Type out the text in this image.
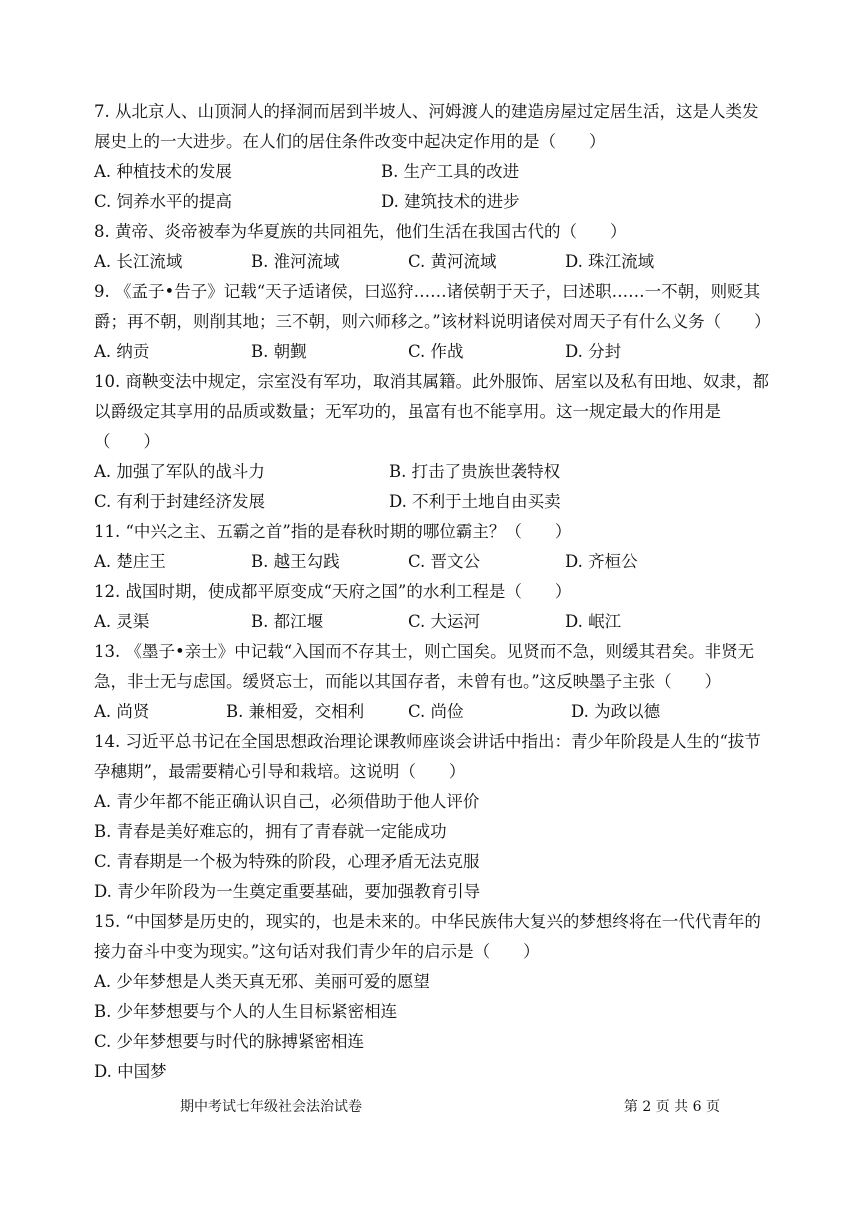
7. 从北京人、山顶洞人的择洞而居到半坡人、河姆渡人的建造房屋过定居生活，这是人类发展史上的一大进步。在人们的居住条件改变中起决定作用的是（　　）

A. 种植技术的发展	B. 生产工具的改进
C. 饲养水平的提高	D. 建筑技术的进步

8. 黄帝、炎帝被奉为华夏族的共同祖先，他们生活在我国古代的（　　）

A. 长江流域	B. 淮河流域	C. 黄河流域	D. 珠江流域

9. 《孟子•告子》记载“天子适诸侯，曰巡狩……诸侯朝于天子，曰述职……一不朝，则贬其爵；再不朝，则削其地；三不朝，则六师移之。”该材料说明诸侯对周天子有什么义务（　　）

A. 纳贡	B. 朝觐	C. 作战	D. 分封

10. 商鞅变法中规定，宗室没有军功，取消其属籍。此外服饰、居室以及私有田地、奴隶，都以爵级定其享用的品质或数量；无军功的，虽富有也不能享用。这一规定最大的作用是（　　）

A. 加强了军队的战斗力	B. 打击了贵族世袭特权
C. 有利于封建经济发展	D. 不利于土地自由买卖

11. “中兴之主、五霸之首”指的是春秋时期的哪位霸主？（　　）

A. 楚庄王	B. 越王勾践	C. 晋文公	D. 齐桓公

12. 战国时期，使成都平原变成“天府之国”的水利工程是（　　）

A. 灵渠	B. 都江堰	C. 大运河	D. 岷江

13. 《墨子•亲士》中记载“入国而不存其士，则亡国矣。见贤而不急，则缓其君矣。非贤无急，非士无与虑国。缓贤忘士，而能以其国存者，未曾有也。”这反映墨子主张（　　）

A. 尚贤	B. 兼相爱，交相利	C. 尚俭	D. 为政以德

14. 习近平总书记在全国思想政治理论课教师座谈会讲话中指出：青少年阶段是人生的“拔节孕穗期”，最需要精心引导和栽培。这说明（　　）

A. 青少年都不能正确认识自己，必须借助于他人评价
B. 青春是美好难忘的，拥有了青春就一定能成功
C. 青春期是一个极为特殊的阶段，心理矛盾无法克服
D. 青少年阶段为一生奠定重要基础，要加强教育引导

15. “中国梦是历史的，现实的，也是未来的。中华民族伟大复兴的梦想终将在一代代青年的接力奋斗中变为现实。”这句话对我们青少年的启示是（　　）

A. 少年梦想是人类天真无邪、美丽可爱的愿望
B. 少年梦想要与个人的人生目标紧密相连
C. 少年梦想要与时代的脉搏紧密相连
D. 中国梦
期中考试七年级社会法治试卷	第 2 页 共 6 页
